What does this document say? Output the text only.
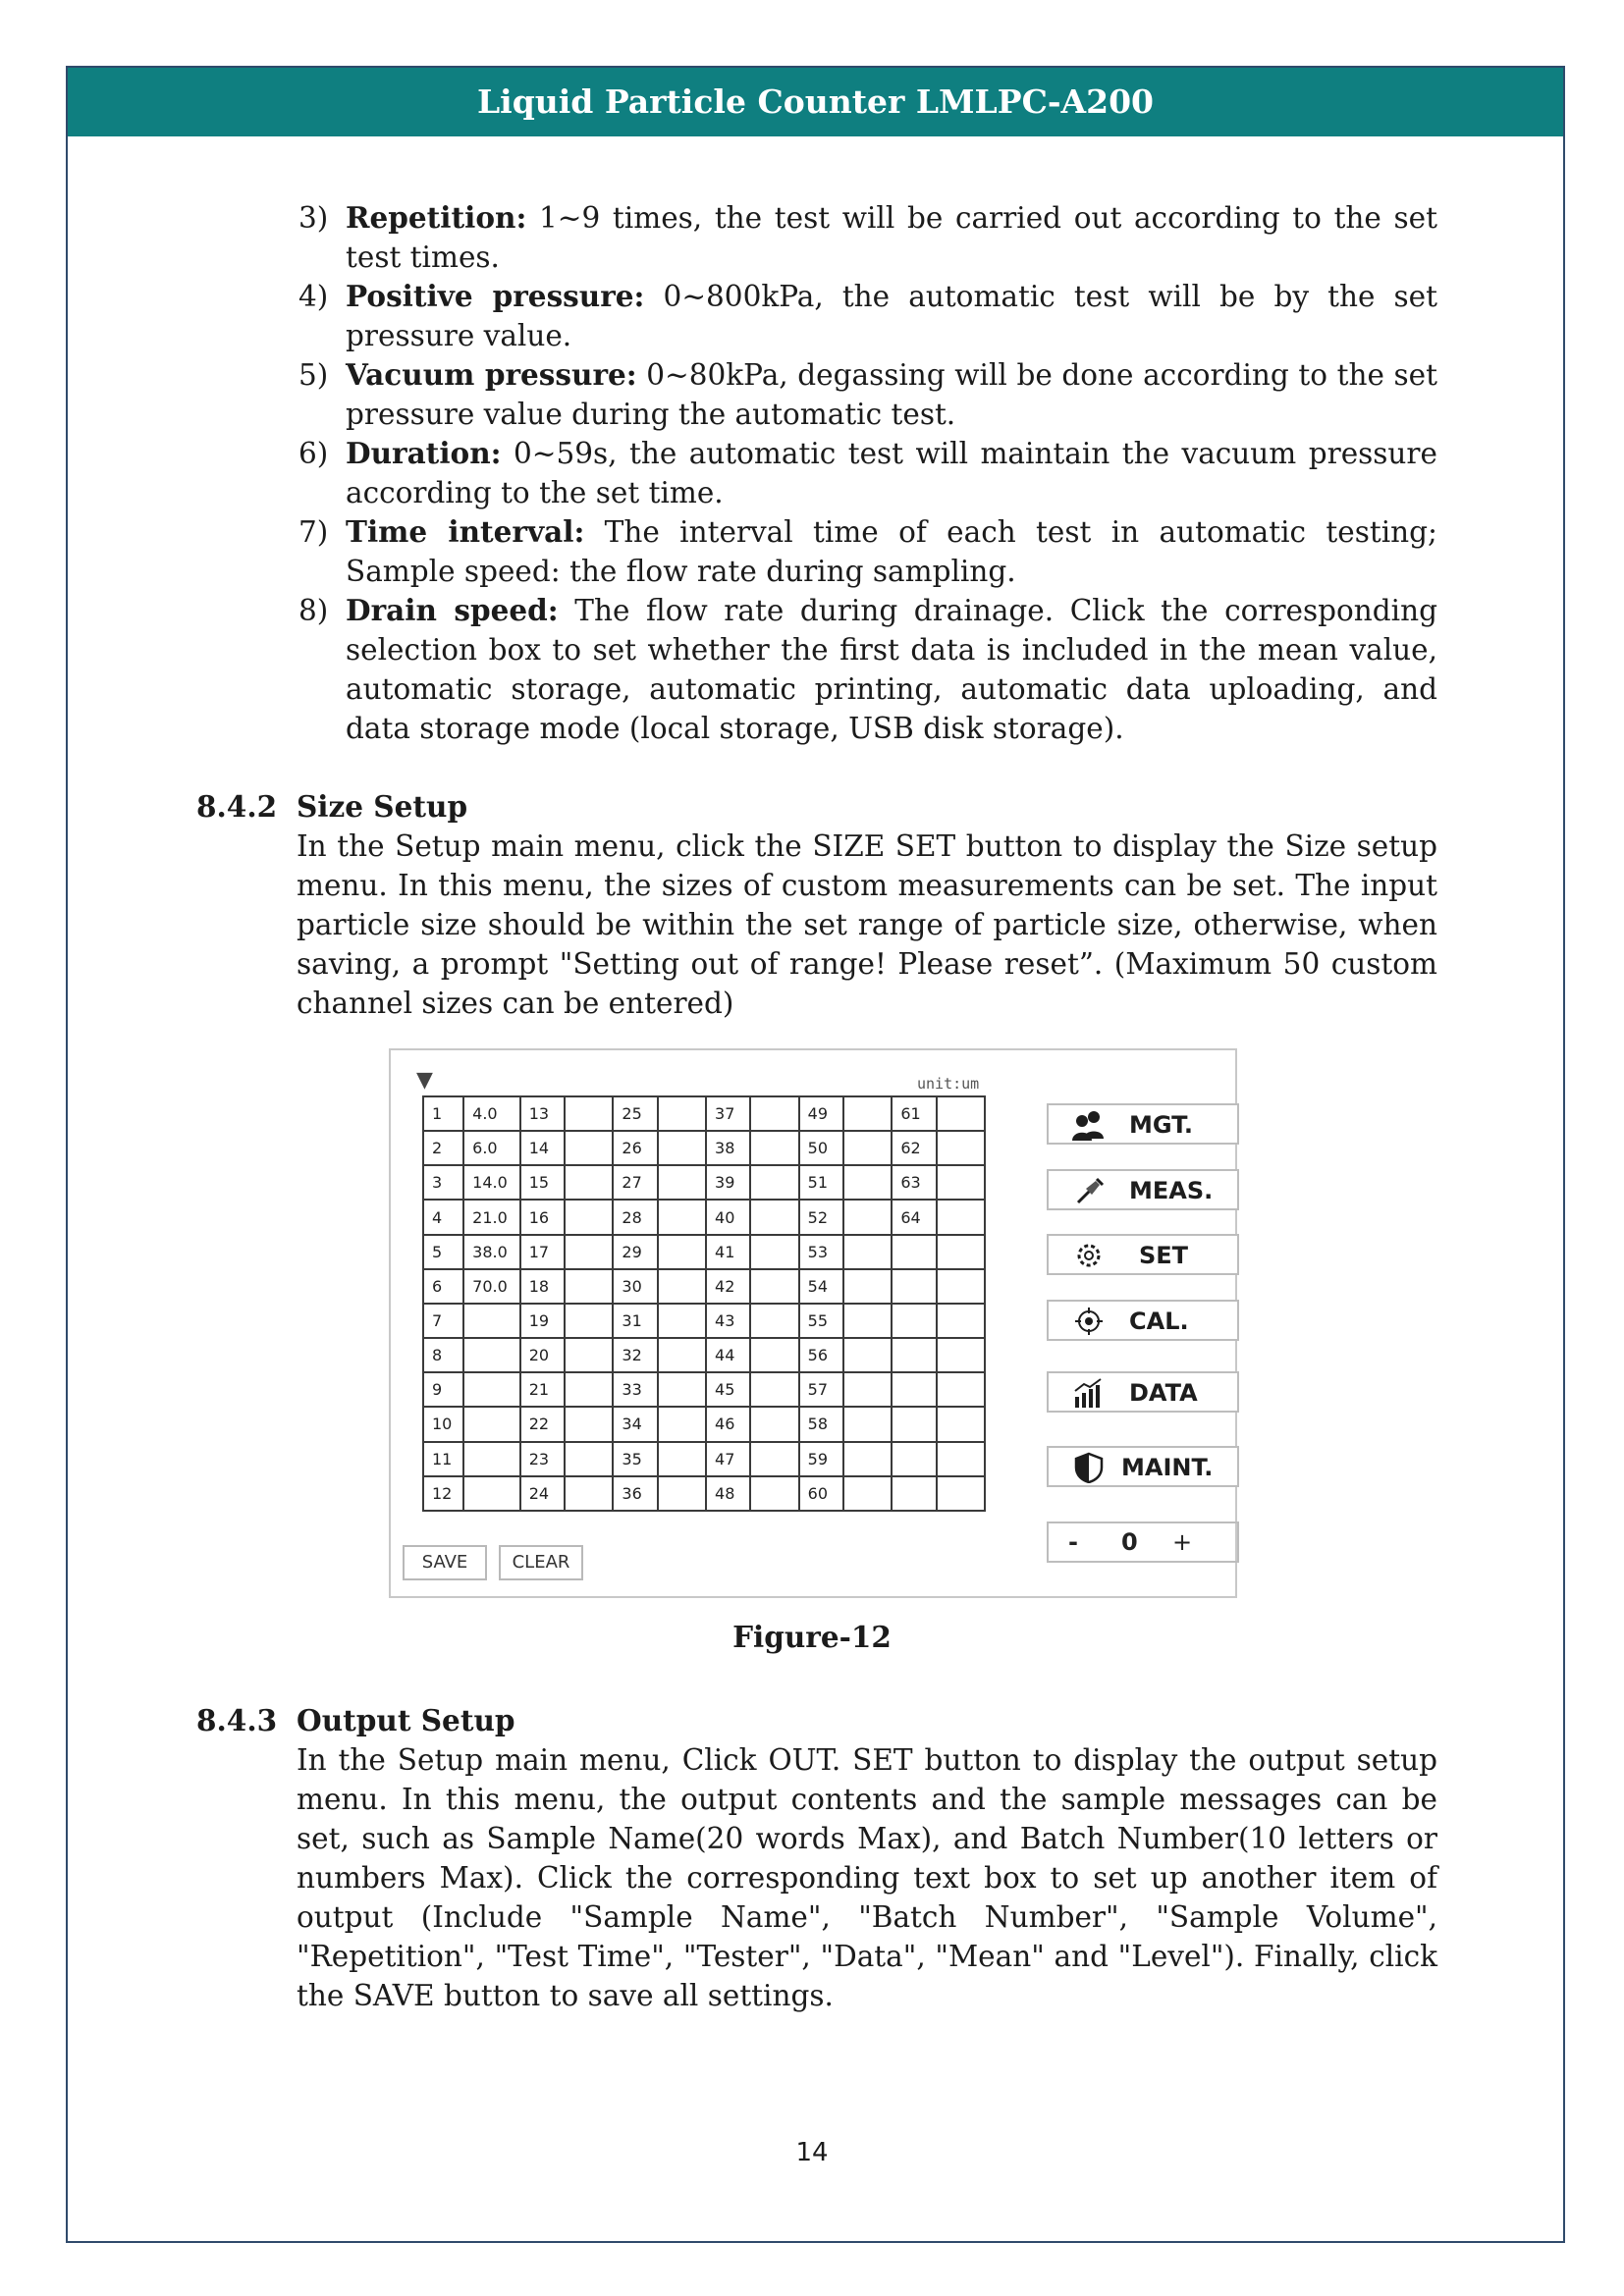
Liquid Particle Counter LMLPC-A200
3) Repetition: 1~9 times, the test will be carried out according to the set test times.
4) Positive pressure: 0~800kPa, the automatic test will be by the set pressure value.
5) Vacuum pressure: 0~80kPa, degassing will be done according to the set pressure value during the automatic test.
6) Duration: 0~59s, the automatic test will maintain the vacuum pressure according to the set time.
7) Time interval: The interval time of each test in automatic testing; Sample speed: the flow rate during sampling.
8) Drain speed: The flow rate during drainage. Click the corresponding selection box to set whether the first data is included in the mean value, automatic storage, automatic printing, automatic data uploading, and data storage mode (local storage, USB disk storage).
8.4.2 Size Setup
In the Setup main menu, click the SIZE SET button to display the Size setup menu. In this menu, the sizes of custom measurements can be set. The input particle size should be within the set range of particle size, otherwise, when saving, a prompt "Setting out of range! Please reset”. (Maximum 50 custom channel sizes can be entered)
▼	unit:um
1	4.0	13		25		37		49		61	
2	6.0	14		26		38		50		62	
3	14.0	15		27		39		51		63	
4	21.0	16		28		40		52		64	
5	38.0	17		29		41		53			
6	70.0	18		30		42		54			
7		19		31		43		55			
8		20		32		44		56			
9		21		33		45		57			
10		22		34		46		58			
11		23		35		47		59			
12		24		36		48		60			
SAVE	CLEAR
MGT.
MEAS.
SET
CAL.
DATA
MAINT.
- 0 +
Figure-12
8.4.3 Output Setup
In the Setup main menu, Click OUT. SET button to display the output setup menu. In this menu, the output contents and the sample messages can be set, such as Sample Name(20 words Max), and Batch Number(10 letters or numbers Max). Click the corresponding text box to set up another item of output (Include "Sample Name", "Batch Number", "Sample Volume", "Repetition", "Test Time", "Tester", "Data", "Mean" and "Level"). Finally, click the SAVE button to save all settings.
14
